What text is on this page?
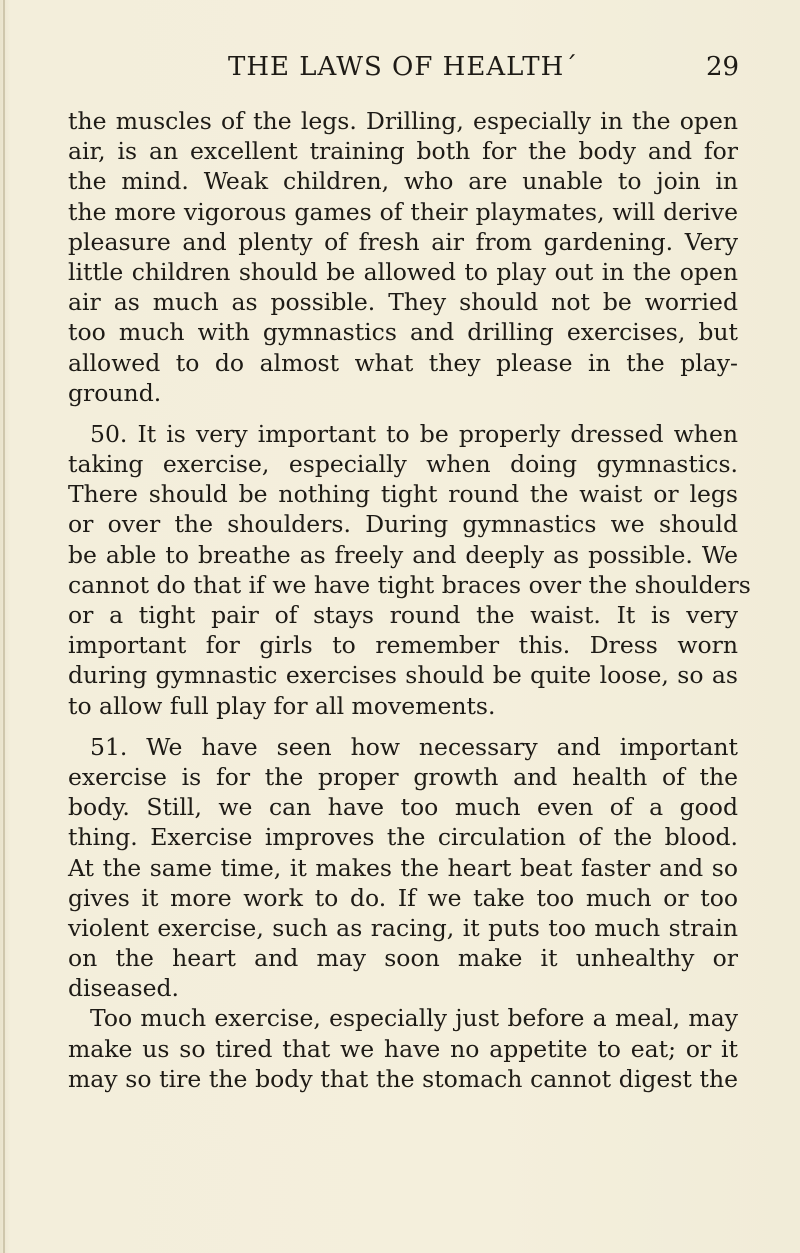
THE LAWS OF HEALTHˊ	29
the muscles of the legs. Drilling, especially in the open
air, is an excellent training both for the body and for
the mind. Weak children, who are unable to join in
the more vigorous games of their playmates, will derive
pleasure and plenty of fresh air from gardening. Very
little children should be allowed to play out in the open
air as much as possible. They should not be worried
too much with gymnastics and drilling exercises, but
allowed to do almost what they please in the play-
ground.
50. It is very important to be properly dressed when
taking exercise, especially when doing gymnastics.
There should be nothing tight round the waist or legs
or over the shoulders. During gymnastics we should
be able to breathe as freely and deeply as possible. We
cannot do that if we have tight braces over the shoulders
or a tight pair of stays round the waist. It is very
important for girls to remember this. Dress worn
during gymnastic exercises should be quite loose, so as
to allow full play for all movements.
51. We have seen how necessary and important
exercise is for the proper growth and health of the
body. Still, we can have too much even of a good
thing. Exercise improves the circulation of the blood.
At the same time, it makes the heart beat faster and so
gives it more work to do. If we take too much or too
violent exercise, such as racing, it puts too much strain
on the heart and may soon make it unhealthy or
diseased.
Too much exercise, especially just before a meal, may
make us so tired that we have no appetite to eat; or it
may so tire the body that the stomach cannot digest the
